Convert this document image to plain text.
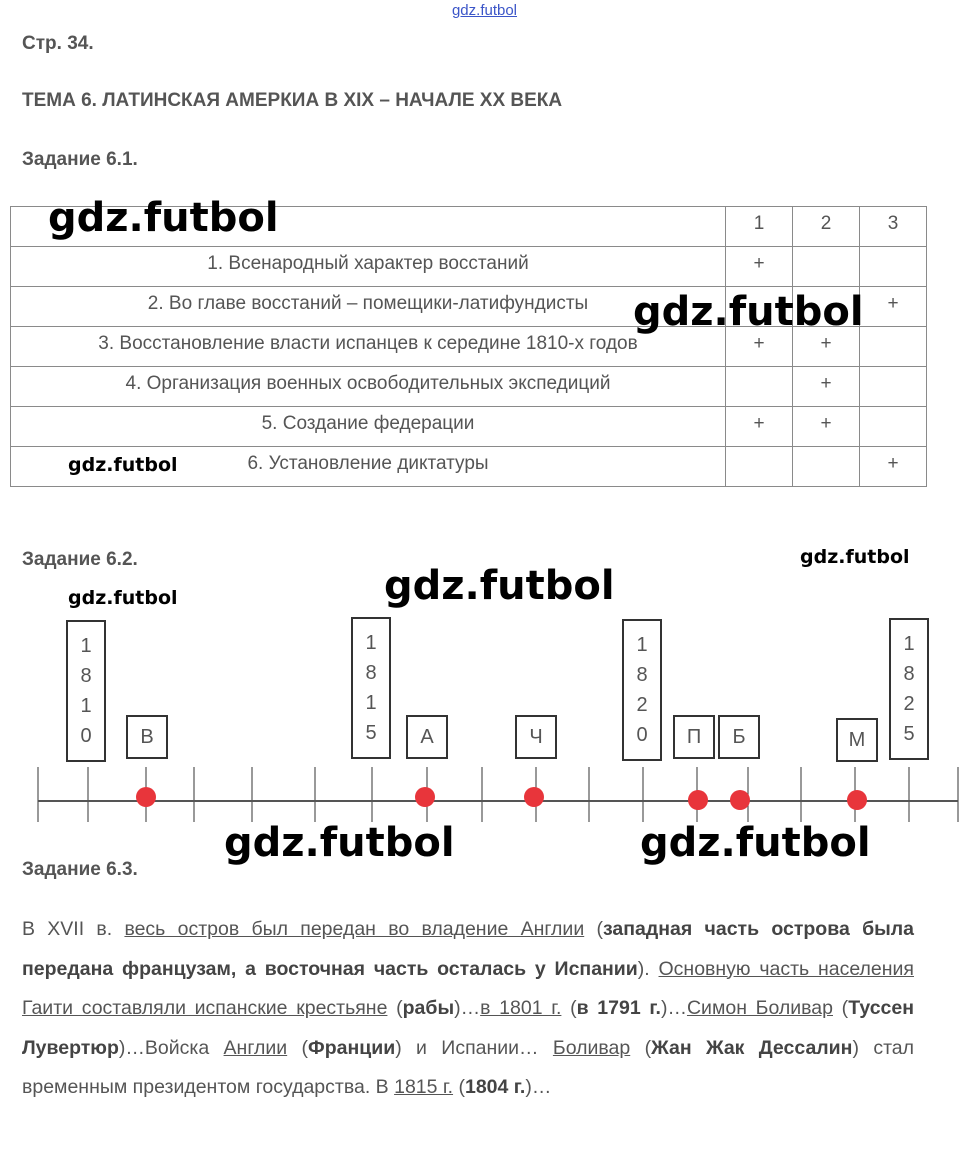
gdz.futbol
Стр. 34.
ТЕМА 6. ЛАТИНСКАЯ АМЕРКИА В XIX – НАЧАЛЕ XX ВЕКА
Задание 6.1.
	1	2	3
1. Всенародный характер восстаний	+		
2. Во главе восстаний – помещики-латифундисты			+
3. Восстановление власти испанцев к середине 1810-х годов	+	+	
4. Организация военных освободительных экспедиций		+	
5. Создание федерации	+	+	
6. Установление диктатуры			+
Задание 6.2.
1
8
1
0
1
8
1
5
1
8
2
0
1
8
2
5
В	А	Ч	П	Б	М
Задание 6.3.
В XVII в. весь остров был передан во владение Англии (западная часть острова была передана французам, а восточная часть осталась у Испании). Основную часть населения Гаити составляли испанские крестьяне (рабы)…в 1801 г. (в 1791 г.)…Симон Боливар (Туссен Лувертюр)…Войска Англии (Франции) и Испании… Боливар (Жан Жак Дессалин) стал временным президентом государства. В 1815 г. (1804 г.)…
gdz.futbol
gdz.futbol
gdz.futbol
gdz.futbol
gdz.futbol	gdz.futbol
gdz.futbol	gdz.futbol
